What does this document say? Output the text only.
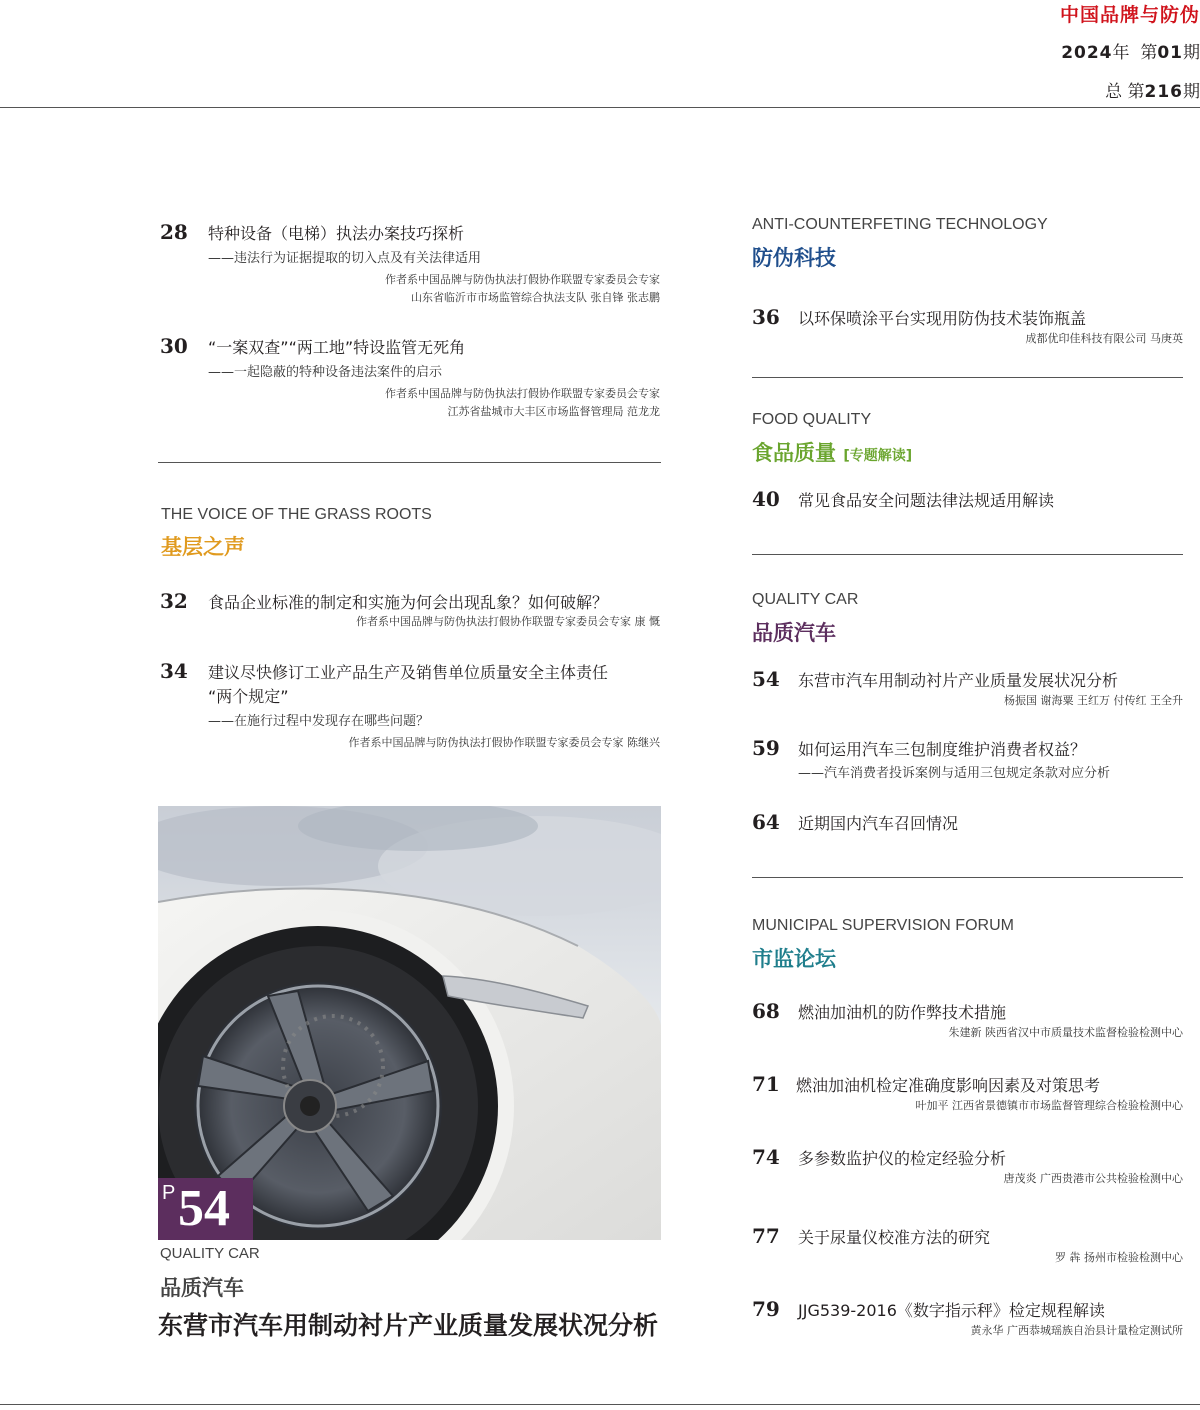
中国品牌与防伪
2024年 第01期
总 第216期
28 特种设备（电梯）执法办案技巧探析
——违法行为证据提取的切入点及有关法律适用
作者系中国品牌与防伪执法打假协作联盟专家委员会专家
山东省临沂市市场监管综合执法支队 张自锋 张志鹏
30 “一案双查”“两工地”特设监管无死角
——一起隐蔽的特种设备违法案件的启示
作者系中国品牌与防伪执法打假协作联盟专家委员会专家
江苏省盐城市大丰区市场监督管理局 范龙龙
THE VOICE OF THE GRASS ROOTS
基层之声
32 食品企业标准的制定和实施为何会出现乱象？如何破解？
作者系中国品牌与防伪执法打假协作联盟专家委员会专家 康 慨
34 建议尽快修订工业产品生产及销售单位质量安全主体责任
“两个规定”
——在施行过程中发现存在哪些问题？
作者系中国品牌与防伪执法打假协作联盟专家委员会专家 陈继兴
P 54
QUALITY CAR
品质汽车
东营市汽车用制动衬片产业质量发展状况分析
ANTI-COUNTERFETING TECHNOLOGY
防伪科技
36 以环保喷涂平台实现用防伪技术装饰瓶盖
成都优印佳科技有限公司 马庚英
FOOD QUALITY
食品质量 [专题解读]
40 常见食品安全问题法律法规适用解读
QUALITY CAR
品质汽车
54 东营市汽车用制动衬片产业质量发展状况分析
杨振国 谢海粟 王红万 付传红 王全升
59 如何运用汽车三包制度维护消费者权益？
——汽车消费者投诉案例与适用三包规定条款对应分析
64 近期国内汽车召回情况
MUNICIPAL SUPERVISION FORUM
市监论坛
68 燃油加油机的防作弊技术措施
朱建新 陕西省汉中市质量技术监督检验检测中心
71 燃油加油机检定准确度影响因素及对策思考
叶加平 江西省景德镇市市场监督管理综合检验检测中心
74 多参数监护仪的检定经验分析
唐茂炎 广西贵港市公共检验检测中心
77 关于尿量仪校准方法的研究
罗 犇 扬州市检验检测中心
79 JJG539-2016《数字指示秤》检定规程解读
黄永华 广西恭城瑶族自治县计量检定测试所
